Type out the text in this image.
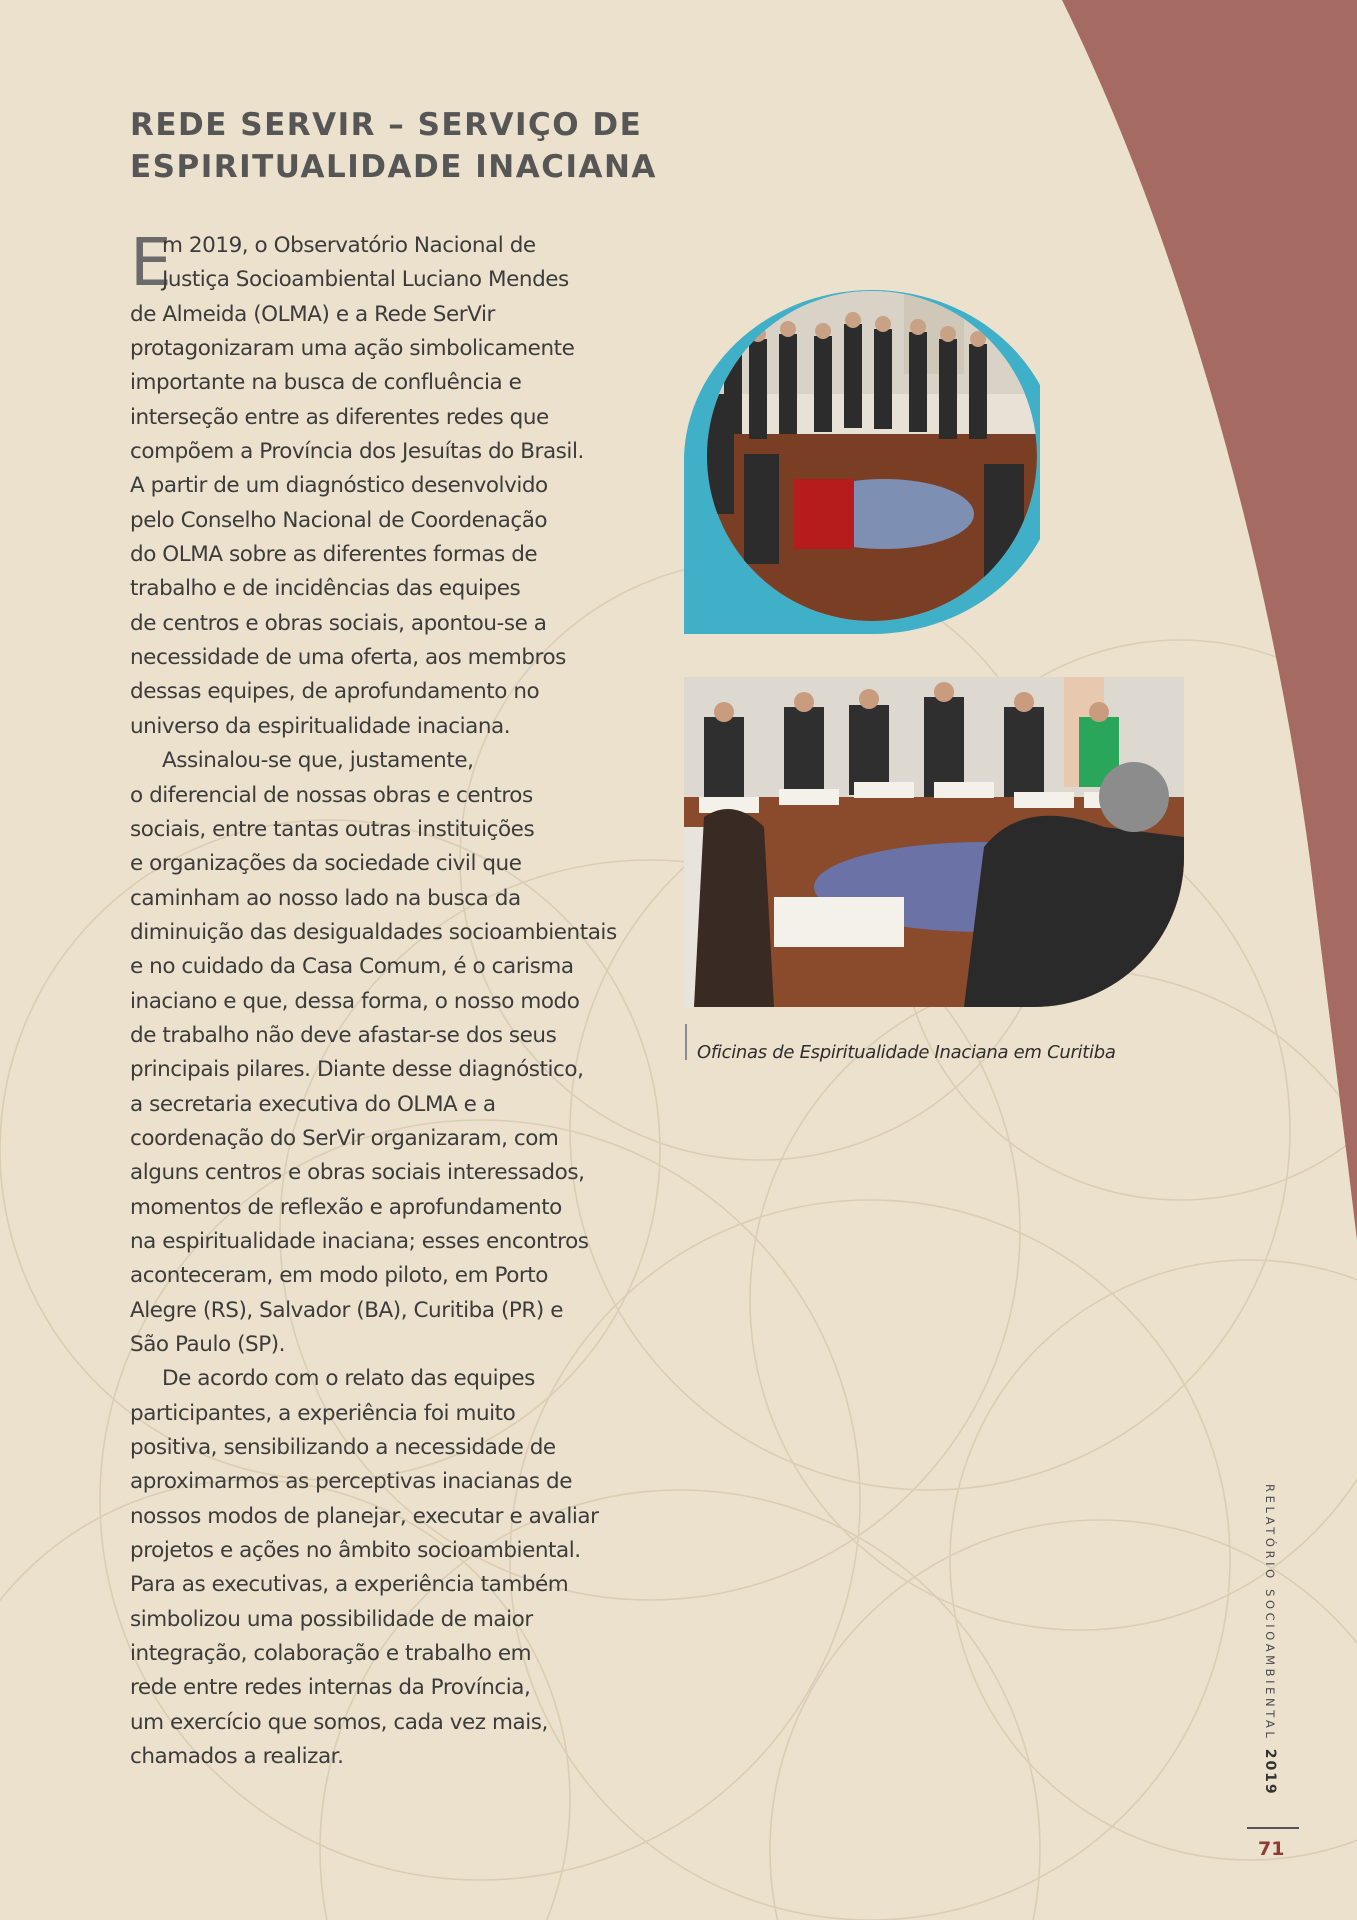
REDE SERVIR – SERVIÇO DE
ESPIRITUALIDADE INACIANA
E
m 2019, o Observatório Nacional de
Justiça Socioambiental Luciano Mendes
de Almeida (OLMA) e a Rede SerVir
protagonizaram uma ação simbolicamente
importante na busca de confluência e
interseção entre as diferentes redes que
compõem a Província dos Jesuítas do Brasil.
A partir de um diagnóstico desenvolvido
pelo Conselho Nacional de Coordenação
do OLMA sobre as diferentes formas de
trabalho e de incidências das equipes
de centros e obras sociais, apontou-se a
necessidade de uma oferta, aos membros
dessas equipes, de aprofundamento no
universo da espiritualidade inaciana.
Assinalou-se que, justamente,
o diferencial de nossas obras e centros
sociais, entre tantas outras instituições
e organizações da sociedade civil que
caminham ao nosso lado na busca da
diminuição das desigualdades socioambientais
e no cuidado da Casa Comum, é o carisma
inaciano e que, dessa forma, o nosso modo
de trabalho não deve afastar-se dos seus
principais pilares. Diante desse diagnóstico,
a secretaria executiva do OLMA e a
coordenação do SerVir organizaram, com
alguns centros e obras sociais interessados,
momentos de reflexão e aprofundamento
na espiritualidade inaciana; esses encontros
aconteceram, em modo piloto, em Porto
Alegre (RS), Salvador (BA), Curitiba (PR) e
São Paulo (SP).
De acordo com o relato das equipes
participantes, a experiência foi muito
positiva, sensibilizando a necessidade de
aproximarmos as perceptivas inacianas de
nossos modos de planejar, executar e avaliar
projetos e ações no âmbito socioambiental.
Para as executivas, a experiência também
simbolizou uma possibilidade de maior
integração, colaboração e trabalho em
rede entre redes internas da Província,
um exercício que somos, cada vez mais,
chamados a realizar.
Oficinas de Espiritualidade Inaciana em Curitiba
RELATÓRIO SOCIOAMBIENTAL 2019
71
